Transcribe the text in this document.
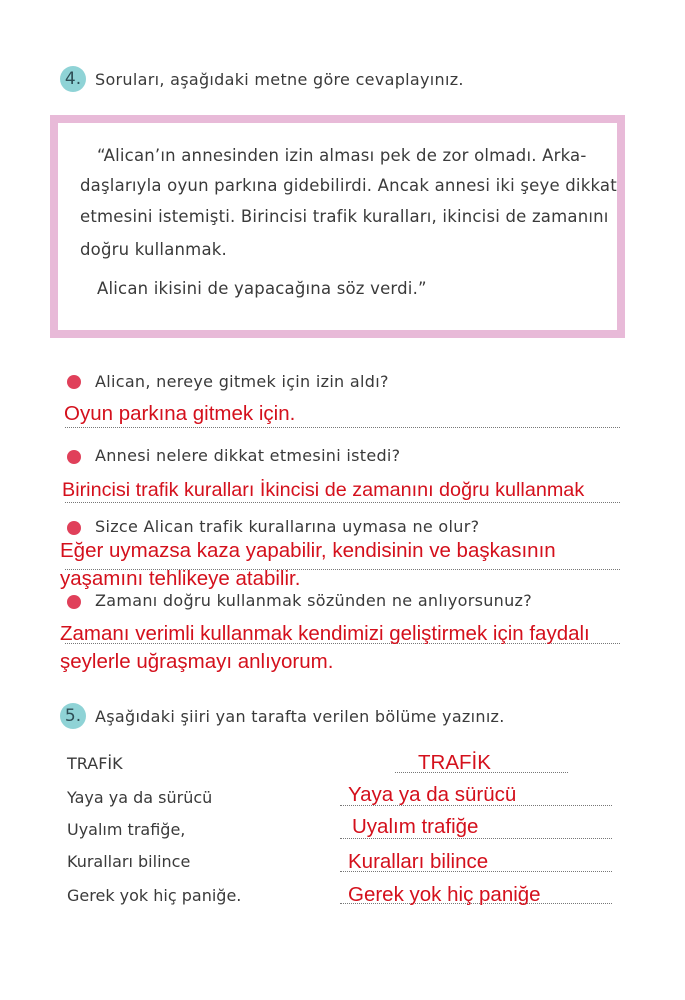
4. Soruları, aşağıdaki metne göre cevaplayınız.
“Alican’ın annesinden izin alması pek de zor olmadı. Arka-
daşlarıyla oyun parkına gidebilirdi. Ancak annesi iki şeye dikkat
etmesini istemişti. Birincisi trafik kuralları, ikincisi de zamanını
doğru kullanmak.
Alican ikisini de yapacağına söz verdi.”
Alican, nereye gitmek için izin aldı?
Oyun parkına gitmek için.
Annesi nelere dikkat etmesini istedi?
Birincisi trafik kuralları İkincisi de zamanını doğru kullanmak
Sizce Alican trafik kurallarına uymasa ne olur?
Eğer uymazsa kaza yapabilir, kendisinin ve başkasının
yaşamını tehlikeye atabilir.
Zamanı doğru kullanmak sözünden ne anlıyorsunuz?
Zamanı verimli kullanmak kendimizi geliştirmek için faydalı
şeylerle uğraşmayı anlıyorum.
5. Aşağıdaki şiiri yan tarafta verilen bölüme yazınız.
TRAFİK
Yaya ya da sürücü
Uyalım trafiğe,
Kuralları bilince
Gerek yok hiç paniğe.
TRAFİK
Yaya ya da sürücü
Uyalım trafiğe
Kuralları bilince
Gerek yok hiç paniğe
